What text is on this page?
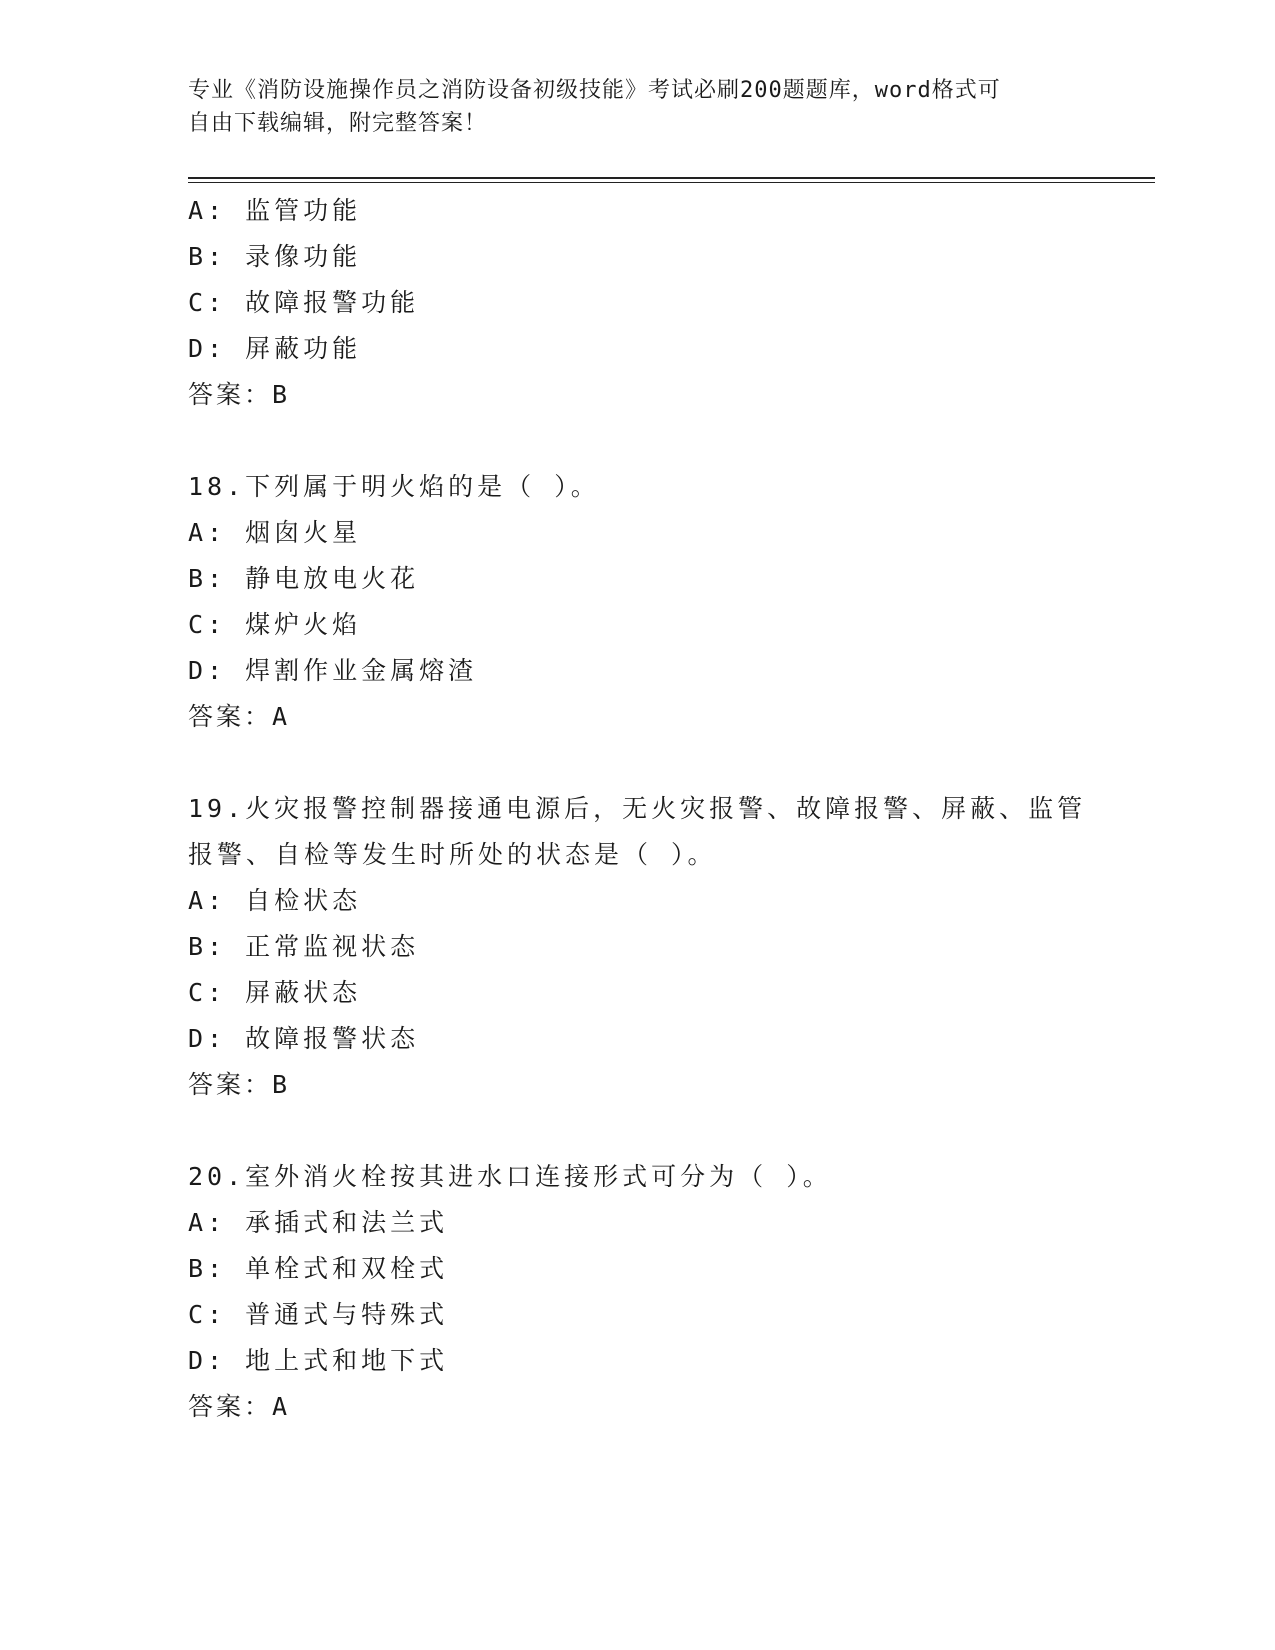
专业《消防设施操作员之消防设备初级技能》考试必刷200题题库，word格式可
自由下载编辑，附完整答案！
A: 监管功能
B: 录像功能
C: 故障报警功能
D: 屏蔽功能
答案：B
18.下列属于明火焰的是（ ）。
A: 烟囱火星
B: 静电放电火花
C: 煤炉火焰
D: 焊割作业金属熔渣
答案：A
19.火灾报警控制器接通电源后，无火灾报警、故障报警、屏蔽、监管报警、自检等发生时所处的状态是（ ）。
A: 自检状态
B: 正常监视状态
C: 屏蔽状态
D: 故障报警状态
答案：B
20.室外消火栓按其进水口连接形式可分为（ ）。
A: 承插式和法兰式
B: 单栓式和双栓式
C: 普通式与特殊式
D: 地上式和地下式
答案：A
